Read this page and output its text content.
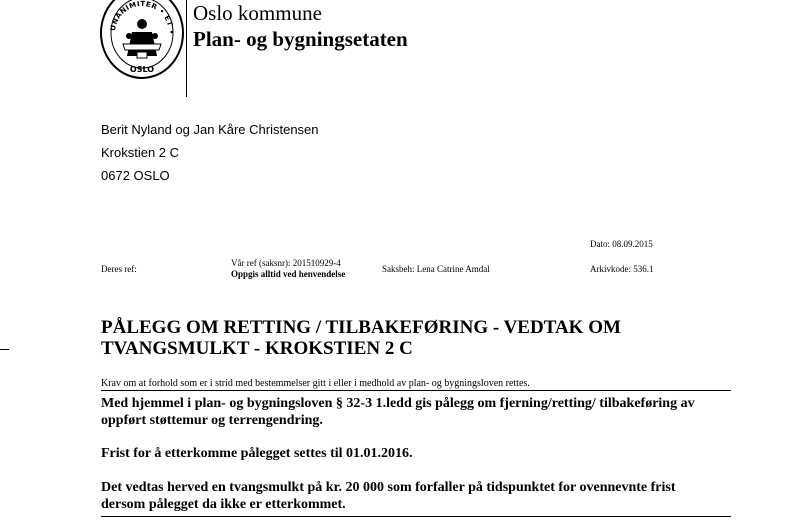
UNANIMITER • ET •
OSLO
Oslo kommune
Plan- og bygningsetaten
Berit Nyland og Jan Kåre Christensen
Krokstien 2 C
0672 OSLO
Dato: 08.09.2015
Deres ref:
Vår ref (saksnr): 201510929-4
Oppgis alltid ved henvendelse	Saksbeh: Lena Catrine Amdal	Arkivkode: 536.1
PÅLEGG OM RETTING / TILBAKEFØRING - VEDTAK OM
TVANGSMULKT - KROKSTIEN 2 C
Krav om at forhold som er i strid med bestemmelser gitt i eller i medhold av plan- og bygningsloven rettes.
Med hjemmel i plan- og bygningsloven § 32-3 1.ledd gis pålegg om fjerning/retting/ tilbakeføring av
oppført støttemur og terrengendring.
Frist for å etterkomme pålegget settes til 01.01.2016.
Det vedtas herved en tvangsmulkt på kr. 20 000 som forfaller på tidspunktet for ovennevnte frist
dersom pålegget da ikke er etterkommet.
